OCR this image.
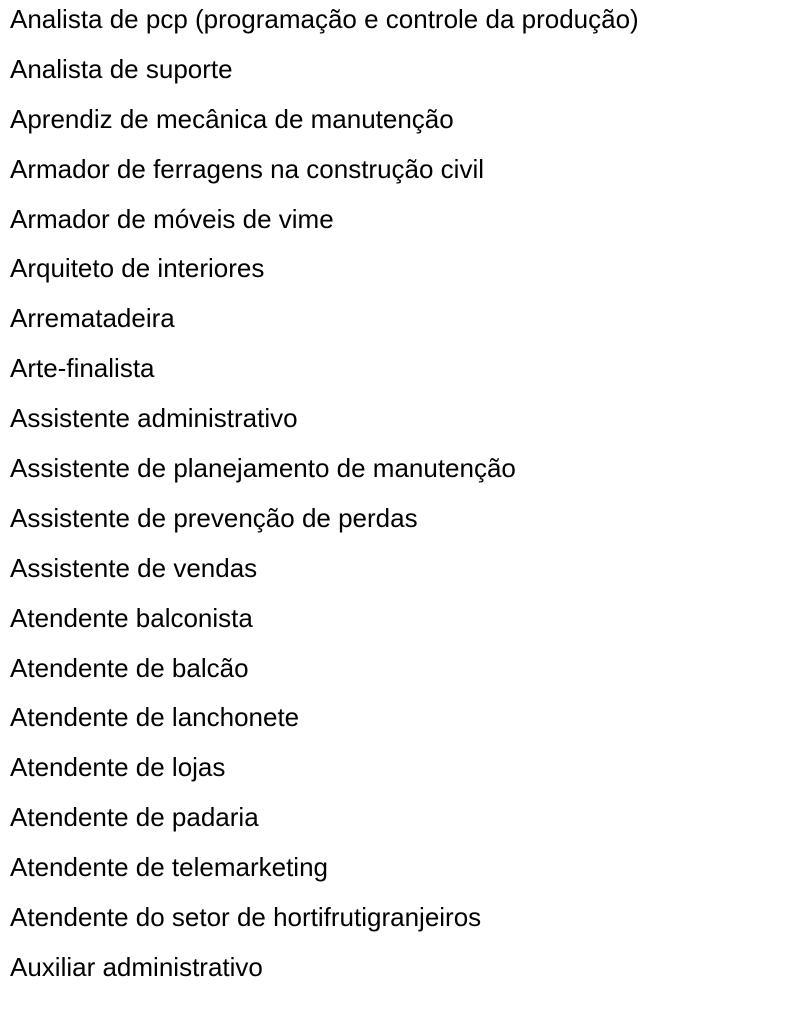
Analista de pcp (programação e controle da produção)
Analista de suporte
Aprendiz de mecânica de manutenção
Armador de ferragens na construção civil
Armador de móveis de vime
Arquiteto de interiores
Arrematadeira
Arte-finalista
Assistente administrativo
Assistente de planejamento de manutenção
Assistente de prevenção de perdas
Assistente de vendas
Atendente balconista
Atendente de balcão
Atendente de lanchonete
Atendente de lojas
Atendente de padaria
Atendente de telemarketing
Atendente do setor de hortifrutigranjeiros
Auxiliar administrativo
